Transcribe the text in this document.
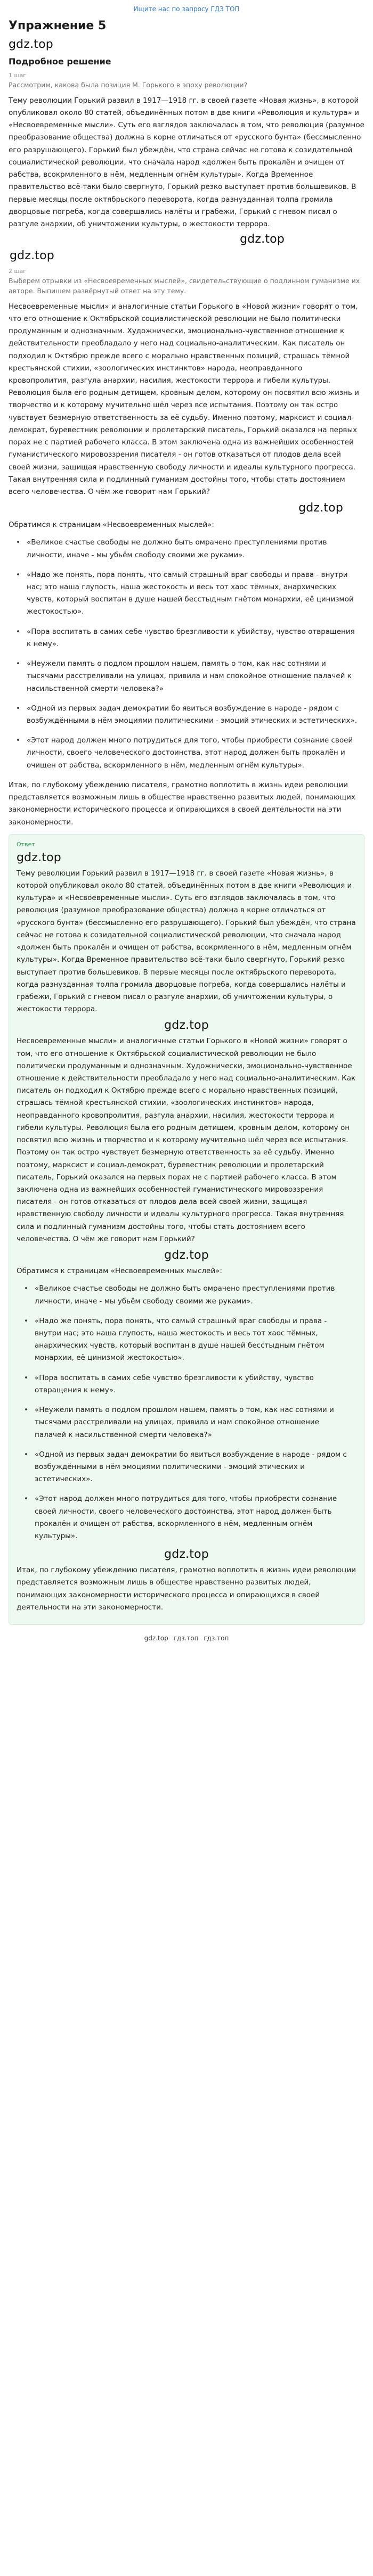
Ищите нас по запросу ГДЗ ТОП
Упражнение 5
gdz.top
Подробное решение
1 шаг
Рассмотрим, какова была позиция М. Горького в эпоху революции?

Тему революции Горький развил в 1917—1918 гг. в своей газете «Новая жизнь», в которой опубликовал около 80 статей, объединённых потом в две книги «Революция и культура» и «Несвоевременные мысли». Суть его взглядов заключалась в том, что революция (разумное преобразование общества) должна в корне отличаться от «русского бунта» (бессмысленно его разрушающего). Горький был убеждён, что страна сейчас не готова к созидательной социалистической революции, что сначала народ «должен быть прокалён и очищен от рабства, всокрмленного в нём, медленным огнём культуры». Когда Временное правительство всё-таки было свергнуто, Горький резко выступает против большевиков. В первые месяцы после октябрьского переворота, когда разнузданная толпа громила дворцовые погреба, когда совершались налёты и грабежи, Горький с гневом писал о разгуле анархии, об уничтожении культуры, о жестокости террора.

gdz.top
gdz.top
2 шаг
Выберем отрывки из «Несвоевременных мыслей», свидетельствующие о подлинном гуманизме их авторе. Выпишем развёрнутый ответ на эту тему.

Несвоевременные мысли» и аналогичные статьи Горького в «Новой жизни» говорят о том, что его отношение к Октябрьской социалистической революции не было политически продуманным и однозначным. Художнически, эмоционально-чувственное отношение к действительности преобладало у него над социально-аналитическим. Как писатель он подходил к Октябрю прежде всего с морально нравственных позиций, страшась тёмной крестьянской стихии, «зоологических инстинктов» народа, неоправданного кровопролития, разгула анархии, насилия, жестокости террора и гибели культуры. Революция была его родным детищем, кровным делом, которому он посвятил всю жизнь и творчество и к которому мучительно шёл через все испытания. Поэтому он так остро чувствует безмерную ответственность за её судьбу. Именно поэтому, марксист и социал-демократ, буревестник революции и пролетарский писатель, Горький оказался на первых порах не с партией рабочего класса. В этом заключена одна из важнейших особенностей гуманистического мировоззрения писателя - он готов отказаться от плодов дела всей своей жизни, защищая нравственную свободу личности и идеалы культурного прогресса. Такая внутренняя сила и подлинный гуманизм достойны того, чтобы стать достоянием всего человечества. О чём же говорит нам Горький?

gdz.top

Обратимся к страницам «Несвоевременных мыслей»:

• «Великое счастье свободы не должно быть омрачено преступлениями против личности, иначе - мы убьём свободу своими же руками».
• «Надо же понять, пора понять, что самый страшный враг свободы и права - внутри нас; это наша глупость, наша жестокость и весь тот хаос тёмных, анархических чувств, который воспитан в душе нашей бесстыдным гнётом монархии, её цинизмой жестокостью».
• «Пора воспитать в самих себе чувство брезгливости к убийству, чувство отвращения к нему».
• «Неужели память о подлом прошлом нашем, память о том, как нас сотнями и тысячами расстреливали на улицах, привила и нам спокойное отношение палачей к насильственной смерти человека?»
• «Одной из первых задач демократии бо явиться возбуждение в народе - рядом с возбуждёнными в нём эмоциями политическими - эмоций этических и эстетических».
• «Этот народ должен много потрудиться для того, чтобы приобрести сознание своей личности, своего человеческого достоинства, этот народ должен быть прокалён и очищен от рабства, вскормленного в нём, медленным огнём культуры».

Итак, по глубокому убеждению писателя, грамотно воплотить в жизнь идеи революции представляется возможным лишь в обществе нравственно развитых людей, понимающих закономерности исторического процесса и опирающихся в своей деятельности на эти закономерности.

Ответ
gdz.top

Тему революции Горький развил в 1917—1918 гг. в своей газете «Новая жизнь», в которой опубликовал около 80 статей, объединённых потом в две книги «Революция и культура» и «Несвоевременные мысли». Суть его взглядов заключалась в том, что революция (разумное преобразование общества) должна в корне отличаться от «русского бунта» (бессмысленно его разрушающего). Горький был убеждён, что страна сейчас не готова к созидательной социалистической революции, что сначала народ «должен быть прокалён и очищен от рабства, всокрмленного в нём, медленным огнём культуры». Когда Временное правительство всё-таки было свергнуто, Горький резко выступает против большевиков. В первые месяцы после октябрьского переворота, когда разнузданная толпа громила дворцовые погреба, когда совершались налёты и грабежи, Горький с гневом писал о разгуле анархии, об уничтожении культуры, о жестокости террора.

gdz.top

Несвоевременные мысли» и аналогичные статьи Горького в «Новой жизни» говорят о том, что его отношение к Октябрьской социалистической революции не было политически продуманным и однозначным. Художнически, эмоционально-чувственное отношение к действительности преобладало у него над социально-аналитическим. Как писатель он подходил к Октябрю прежде всего с морально нравственных позиций, страшась тёмной крестьянской стихии, «зоологических инстинктов» народа, неоправданного кровопролития, разгула анархии, насилия, жестокости террора и гибели культуры. Революция была его родным детищем, кровным делом, которому он посвятил всю жизнь и творчество и к которому мучительно шёл через все испытания. Поэтому он так остро чувствует безмерную ответственность за её судьбу. Именно поэтому, марксист и социал-демократ, буревестник революции и пролетарский писатель, Горький оказался на первых порах не с партией рабочего класса. В этом заключена одна из важнейших особенностей гуманистического мировоззрения писателя - он готов отказаться от плодов дела всей своей жизни, защищая нравственную свободу личности и идеалы культурного прогресса. Такая внутренняя сила и подлинный гуманизм достойны того, чтобы стать достоянием всего человечества. О чём же говорит нам Горький?

gdz.top

Обратимся к страницам «Несвоевременных мыслей»:

• «Великое счастье свободы не должно быть омрачено преступлениями против личности, иначе - мы убьём свободу своими же руками».
• «Надо же понять, пора понять, что самый страшный враг свободы и права - внутри нас; это наша глупость, наша жестокость и весь тот хаос тёмных, анархических чувств, который воспитан в душе нашей бесстыдным гнётом монархии, её цинизмой жестокостью».
• «Пора воспитать в самих себе чувство брезгливости к убийству, чувство отвращения к нему».
• «Неужели память о подлом прошлом нашем, память о том, как нас сотнями и тысячами расстреливали на улицах, привила и нам спокойное отношение палачей к насильственной смерти человека?»
• «Одной из первых задач демократии бо явиться возбуждение в народе - рядом с возбуждёнными в нём эмоциями политическими - эмоций этических и эстетических».
• «Этот народ должен много потрудиться для того, чтобы приобрести сознание своей личности, своего человеческого достоинства, этот народ должен быть прокалён и очищен от рабства, вскормленного в нём, медленным огнём культуры».
gdz.top

Итак, по глубокому убеждению писателя, грамотно воплотить в жизнь идеи революции представляется возможным лишь в обществе нравственно развитых людей, понимающих закономерности исторического процесса и опирающихся в своей деятельности на эти закономерности.

gdz.top гдз.топ гдз.топ
